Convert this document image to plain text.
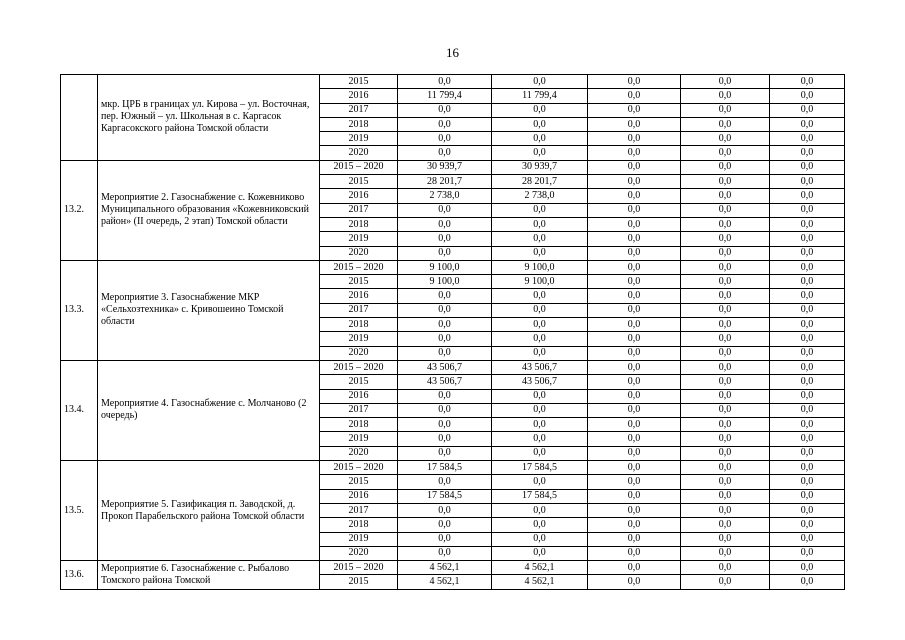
16
	мкр. ЦРБ в границах ул. Кирова – ул. Восточная, пер. Южный – ул. Школьная в с. Каргасок Каргасокского района Томской области	2015	0,0	0,0	0,0	0,0	0,0
		2016	11 799,4	11 799,4	0,0	0,0	0,0
		2017	0,0	0,0	0,0	0,0	0,0
		2018	0,0	0,0	0,0	0,0	0,0
		2019	0,0	0,0	0,0	0,0	0,0
		2020	0,0	0,0	0,0	0,0	0,0
13.2.	Мероприятие 2. Газоснабжение с. Кожевниково Муниципального образования «Кожевниковский район» (II очередь, 2 этап) Томской области	2015 – 2020	30 939,7	30 939,7	0,0	0,0	0,0
		2015	28 201,7	28 201,7	0,0	0,0	0,0
		2016	2 738,0	2 738,0	0,0	0,0	0,0
		2017	0,0	0,0	0,0	0,0	0,0
		2018	0,0	0,0	0,0	0,0	0,0
		2019	0,0	0,0	0,0	0,0	0,0
		2020	0,0	0,0	0,0	0,0	0,0
13.3.	Мероприятие 3. Газоснабжение МКР «Сельхозтехника» с. Кривошеино Томской области	2015 – 2020	9 100,0	9 100,0	0,0	0,0	0,0
		2015	9 100,0	9 100,0	0,0	0,0	0,0
		2016	0,0	0,0	0,0	0,0	0,0
		2017	0,0	0,0	0,0	0,0	0,0
		2018	0,0	0,0	0,0	0,0	0,0
		2019	0,0	0,0	0,0	0,0	0,0
		2020	0,0	0,0	0,0	0,0	0,0
13.4.	Мероприятие 4. Газоснабжение с. Молчаново (2 очередь)	2015 – 2020	43 506,7	43 506,7	0,0	0,0	0,0
		2015	43 506,7	43 506,7	0,0	0,0	0,0
		2016	0,0	0,0	0,0	0,0	0,0
		2017	0,0	0,0	0,0	0,0	0,0
		2018	0,0	0,0	0,0	0,0	0,0
		2019	0,0	0,0	0,0	0,0	0,0
		2020	0,0	0,0	0,0	0,0	0,0
13.5.	Мероприятие 5. Газификация п. Заводской, д. Прокоп Парабельского района Томской области	2015 – 2020	17 584,5	17 584,5	0,0	0,0	0,0
		2015	0,0	0,0	0,0	0,0	0,0
		2016	17 584,5	17 584,5	0,0	0,0	0,0
		2017	0,0	0,0	0,0	0,0	0,0
		2018	0,0	0,0	0,0	0,0	0,0
		2019	0,0	0,0	0,0	0,0	0,0
		2020	0,0	0,0	0,0	0,0	0,0
13.6.	Мероприятие 6. Газоснабжение с. Рыбалово Томского района Томской	2015 – 2020	4 562,1	4 562,1	0,0	0,0	0,0
		2015	4 562,1	4 562,1	0,0	0,0	0,0
